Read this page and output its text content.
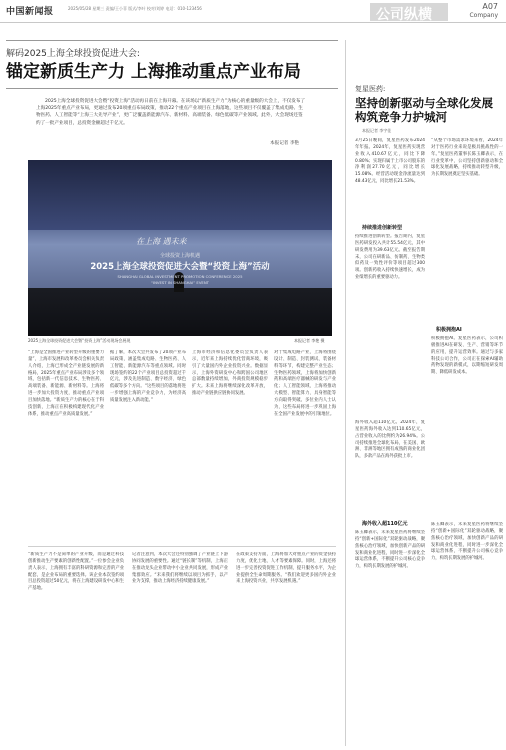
中国新闻报	2025/05/28 星期三 责编/王小菲 版式/李叶 校对/刘婷 电话：010-123456	公司纵横
A07
Company
解码2025上海全球投资促进大会:
锚定新质生产力 上海推动重点产业布局
2025上海全球投资促进大会暨“投资上海”活动再日前在上海开幕。在该场以“新质生产力”为核心的重量级的大会上，不仅发布了上海2025年重点产业布局，更通过发布20项重点布局政策，推动22个重点产业项目在上海落地，这些项目不仅覆盖了集成电路、生物医药、人工智能等“上海三大先导产业”，更广泛覆盖新能源汽车、新材料、高端装备、绿色低碳等产业领域。此外，大会现场还签约了一批产业项目，总投资金额超过千亿元。
本报记者 李艳
2025上海全球投资促进大会暨“投资上海”活动现场会展现	本报记者 李艳 摄
“上海是全国推进产业转型升级的重要力量”，上海市发展和改革委员会相关负责人介绍，上海已形成全产业链发展的新格局，2025年重点产业布局涉及多个领域，包括新一代信息技术、生物医药、高端装备、新能源、新材料等。上海将进一步加大投资力度，推动重点产业项目加快落地。“新质生产力的核心在于科技创新，上海正在积极构建现代化产业体系，推动重点产业高质量发展。”
据了解，本次大会共发布了20项产业布局政策，涵盖集成电路、生物医药、人工智能、新能源汽车等重点领域。同时现场签约的22个产业项目总投资超过千亿元，涉及先进制造、数字经济、绿色低碳等多个方向。“这些项目的落地将进一步增强上海的产业竞争力，为经济高质量发展注入新动能。”
上海市经济和信息化委员会负责人表示，近年来上海持续优化营商环境，吸引了大量国内外企业投资兴业。数据显示，上海外资研发中心和跨国公司地区总部数量持续增加，外商投资规模稳步扩大。未来上海将继续深化改革开放，推动产业链供应链协同发展。
对于集成电路产业，上海将围绕设计、制造、封装测试、装备材料等环节，构建完整产业生态；生物医药领域，上海将加快创新药和高端医疗器械的研发与产业化；人工智能领域，上海将推动大模型、智能算力、具身智能等方向取得突破。多位业内人士认为，这些布局将进一步巩固上海在全国产业发展中的引领地位。
“新质生产力不是简单的产业升级，而是通过科技创新推动生产要素的创新性配置。”一位参会企业负责人表示，上海拥有丰富的科研资源和完善的产业配套，是企业布局的重要选择。该企业本次签约项目总投资超过50亿元，将在上海建设研发中心和生产基地。
记者注意到，本次大会还特别强调了产业链上下游协同发展的重要性。通过“链长制”等机制，上海正在推动龙头企业带动中小企业共同发展，形成产业集群效应。“未来我们将继续以项目为抓手，以产业为支撑，推动上海经济持续健康发展。”
在政策支持方面，上海将加大对重点产业的资金扶持力度，优化土地、人才等要素保障。同时，上海还将进一步完善投资促进工作机制，提升服务水平，为企业提供全生命周期服务。“我们欢迎更多国内外企业来上海投资兴业，共享发展机遇。”
复星医药:
坚持创新驱动与全球化发展 构筑竞争力护城河
本报记者 李宇佳
3月25日晚间，复星医药发布2024年年报。2024年，复星医药实现营业收入410.67亿元，同比下降0.80%；实现归属于上市公司股东的净利润27.70亿元，同比增长15.08%。经营活动现金净流量达到48.43亿元，同比增长21.53%。
持续推进创新转型
“从整个市场需求环境来看，2024年对于医药行业来说是极具挑战性的一年。”复星医药董事长陈玉卿表示，在行业变革中，公司坚持创新驱动和全球化发展战略，持续推动转型升级，为长期发展奠定坚实基础。
持续推进创新转型。报告期内，复星医药研发投入共计55.54亿元，其中研发费用为39.63亿元。截至报告期末，公司在研新品、仿制药、生物类似药及一致性评价等项目超过300项。创新药收入持续快速增长，成为业绩增长的重要驱动力。
积极拥抱AI
积极拥抱AI。复星医药表示，公司积极推进AI在研发、生产、营销等环节的应用，提升运营效率。通过与多家科技公司合作，公司正在探索AI辅助药物发现的新模式，以期缩短研发周期、降低研发成本。
海外收入超110亿元
海外收入超110亿元。2024年，复星医药海外收入达到110.65亿元，占营业收入的比例约为26.94%。公司持续推进全球化布局，在美国、欧洲、非洲等地区拥有成熟的商业化团队，多款产品在海外获批上市。
陈玉卿表示，未来复星医药将继续坚持“创新+国际化”双轮驱动战略，聚焦核心治疗领域，加快创新产品的研发和商业化进程，同时进一步深化全球运营体系，不断提升公司核心竞争力，构筑长期发展的护城河。
陈玉卿表示，未来复星医药将继续坚持“创新+国际化”双轮驱动战略，聚焦核心治疗领域，加快创新产品的研发和商业化进程，同时进一步深化全球运营体系，不断提升公司核心竞争力，构筑长期发展的护城河。
在上海 遇未来
全球投资上海机遇
2025上海全球投资促进大会暨“投资上海”活动
SHANGHAI GLOBAL INVESTMENT PROMOTION CONFERENCE 2025
“INVEST IN SHANGHAI” EVENT
